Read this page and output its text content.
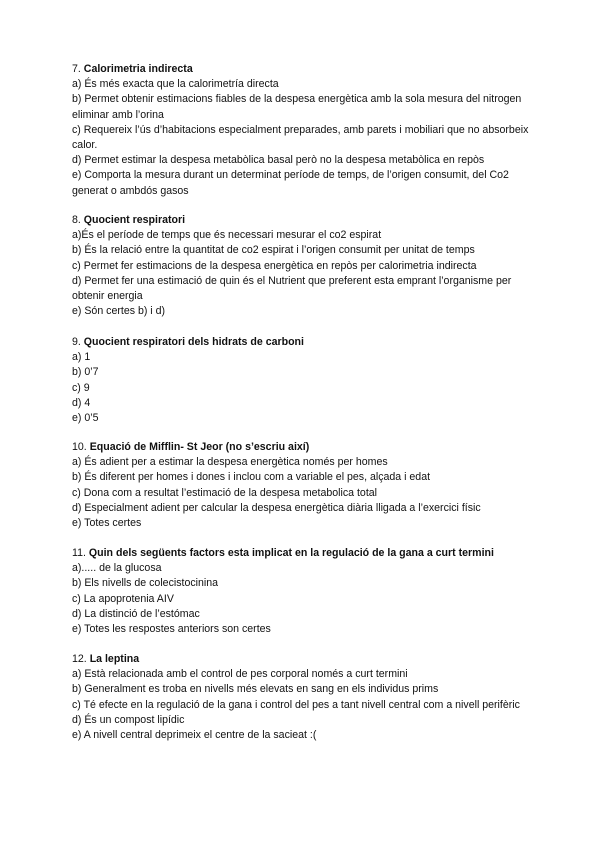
7. Calorimetria indirecta
a) És més exacta que la calorimetría directa
b) Permet obtenir estimacions fiables de la despesa energètica amb la sola mesura del nitrogen eliminar amb l’orina
c) Requereix l’ús d’habitacions especialment preparades, amb parets i mobiliari que no absorbeix calor.
d) Permet estimar la despesa metabòlica basal però no la despesa metabòlica en repòs
e) Comporta la mesura durant un determinat període de temps, de l’origen consumit, del Co2 generat o ambdós gasos
8. Quocient respiratori
a)És el període de temps que és necessari mesurar el co2 espirat
b) És la relació entre la quantitat de co2 espirat i l’origen consumit per unitat de temps
c) Permet fer estimacions de la despesa energètica en repòs per calorimetria indirecta
d) Permet fer una estimació de quin és el Nutrient que preferent esta emprant l’organisme per obtenir energia
e) Són certes b) i d)
9. Quocient respiratori dels hidrats de carboni
a) 1
b) 0’7
c) 9
d) 4
e) 0’5
10. Equació de Mifflin- St Jeor (no s’escriu així)
a) És adient per a estimar la despesa energètica només per homes
b) És diferent per homes i dones i inclou com a variable el pes, alçada i edat
c) Dona com a resultat l’estimació de la despesa metabolica total
d) Especialment adient per calcular la despesa energètica diària lligada a l’exercici físic
e) Totes certes
11. Quin dels següents factors esta implicat en la regulació de la gana a curt termini
a)..... de la glucosa
b) Els nivells de colecistocinina
c) La apoprotenia AIV
d) La distinció de l’estómac
e) Totes les respostes anteriors son certes
12. La leptina
a) Està relacionada amb el control de pes corporal només a curt termini
b) Generalment es troba en nivells més elevats en sang en els individus prims
c) Té efecte en la regulació de la gana i control del pes a tant nivell central com a nivell perifèric
d) És un compost lipídic
e) A nivell central deprimeix el centre de la sacieat :(
